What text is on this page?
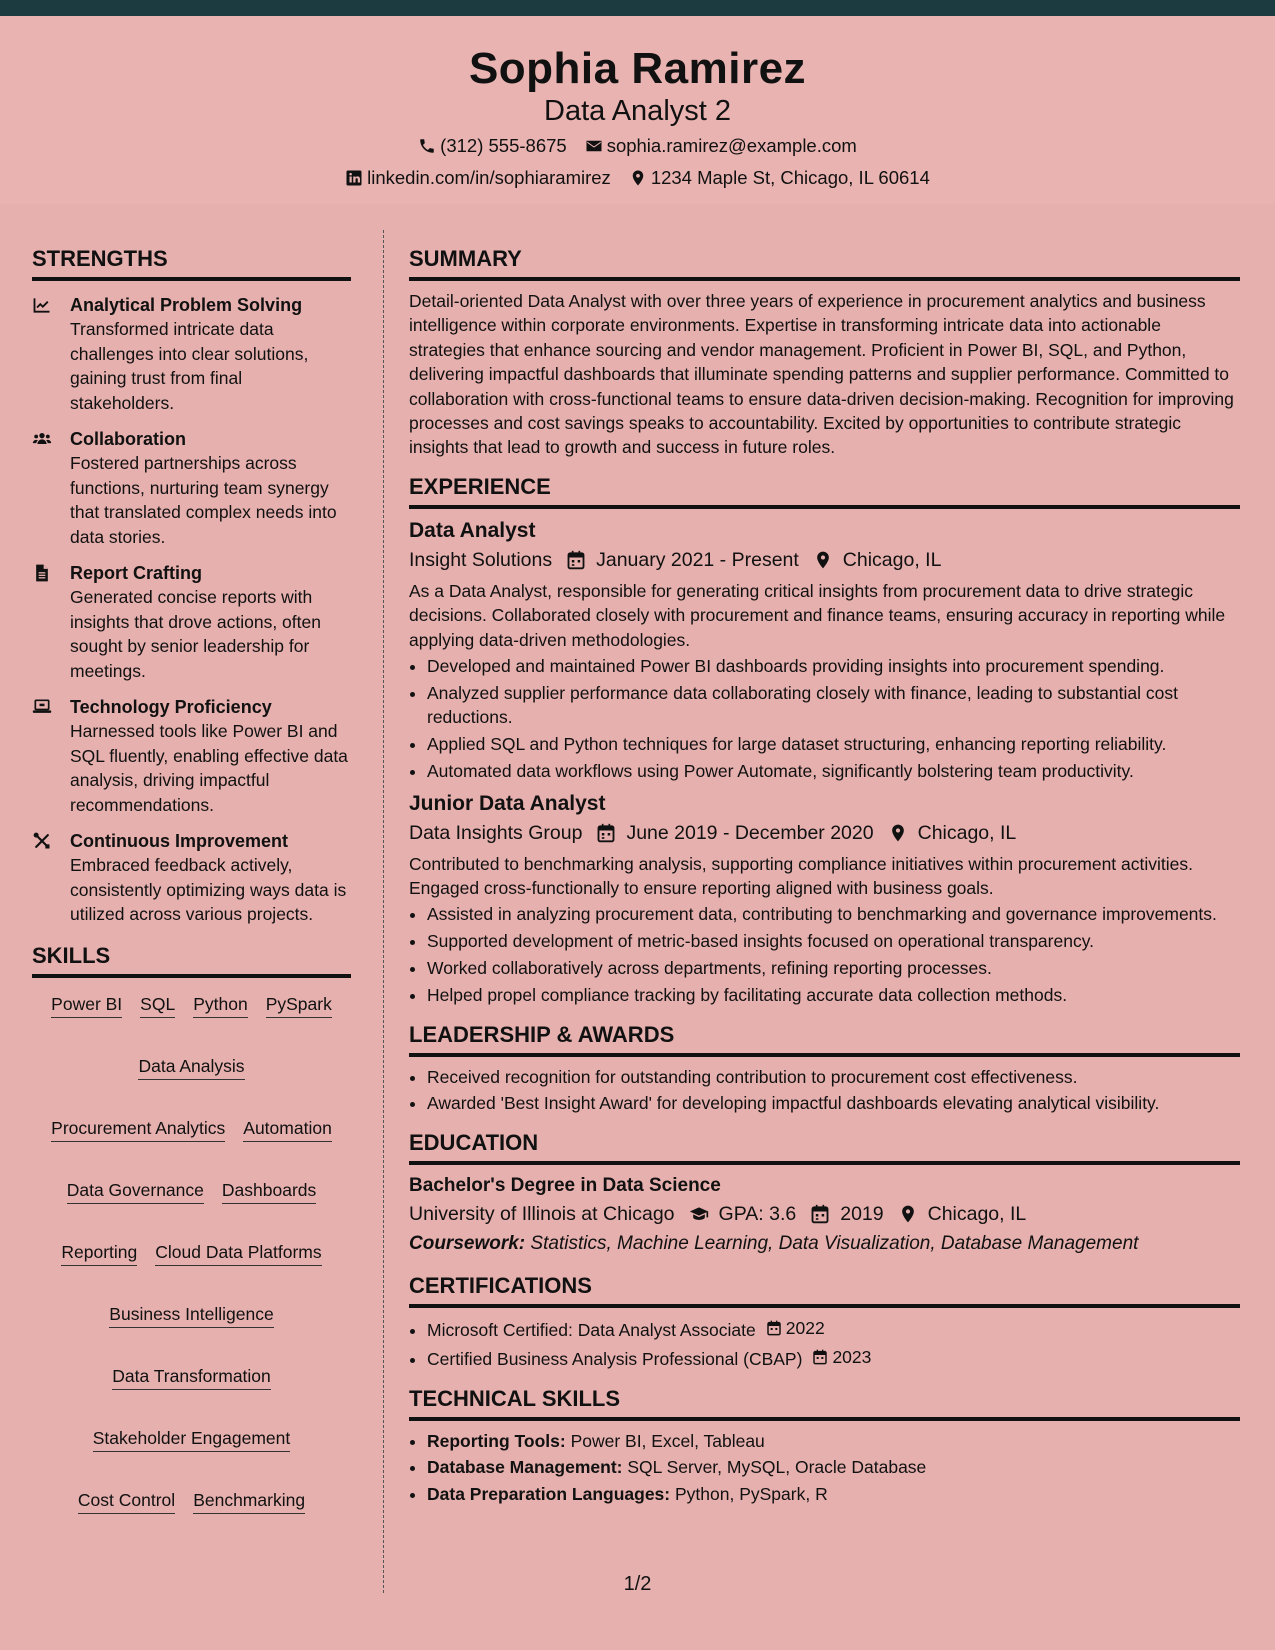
Sophia Ramirez
Data Analyst 2
(312) 555-8675 sophia.ramirez@example.com
linkedin.com/in/sophiaramirez 1234 Maple St, Chicago, IL 60614
STRENGTHS
Analytical Problem Solving
Transformed intricate data challenges into clear solutions, gaining trust from final stakeholders.
Collaboration
Fostered partnerships across functions, nurturing team synergy that translated complex needs into data stories.
Report Crafting
Generated concise reports with insights that drove actions, often sought by senior leadership for meetings.
Technology Proficiency
Harnessed tools like Power BI and SQL fluently, enabling effective data analysis, driving impactful recommendations.
Continuous Improvement
Embraced feedback actively, consistently optimizing ways data is utilized across various projects.
SKILLS
Power BI SQL Python PySpark
Data Analysis
Procurement Analytics Automation
Data Governance Dashboards
Reporting Cloud Data Platforms
Business Intelligence
Data Transformation
Stakeholder Engagement
Cost Control Benchmarking
SUMMARY
Detail-oriented Data Analyst with over three years of experience in procurement analytics and business intelligence within corporate environments. Expertise in transforming intricate data into actionable strategies that enhance sourcing and vendor management. Proficient in Power BI, SQL, and Python, delivering impactful dashboards that illuminate spending patterns and supplier performance. Committed to collaboration with cross-functional teams to ensure data-driven decision-making. Recognition for improving processes and cost savings speaks to accountability. Excited by opportunities to contribute strategic insights that lead to growth and success in future roles.
EXPERIENCE
Data Analyst
Insight Solutions January 2021 - Present Chicago, IL
As a Data Analyst, responsible for generating critical insights from procurement data to drive strategic decisions. Collaborated closely with procurement and finance teams, ensuring accuracy in reporting while applying data-driven methodologies.
• Developed and maintained Power BI dashboards providing insights into procurement spending.
• Analyzed supplier performance data collaborating closely with finance, leading to substantial cost reductions.
• Applied SQL and Python techniques for large dataset structuring, enhancing reporting reliability.
• Automated data workflows using Power Automate, significantly bolstering team productivity.
Junior Data Analyst
Data Insights Group June 2019 - December 2020 Chicago, IL
Contributed to benchmarking analysis, supporting compliance initiatives within procurement activities. Engaged cross-functionally to ensure reporting aligned with business goals.
• Assisted in analyzing procurement data, contributing to benchmarking and governance improvements.
• Supported development of metric-based insights focused on operational transparency.
• Worked collaboratively across departments, refining reporting processes.
• Helped propel compliance tracking by facilitating accurate data collection methods.
LEADERSHIP & AWARDS
• Received recognition for outstanding contribution to procurement cost effectiveness.
• Awarded 'Best Insight Award' for developing impactful dashboards elevating analytical visibility.
EDUCATION
Bachelor's Degree in Data Science
University of Illinois at Chicago GPA: 3.6 2019 Chicago, IL
Coursework: Statistics, Machine Learning, Data Visualization, Database Management
CERTIFICATIONS
• Microsoft Certified: Data Analyst Associate 2022
• Certified Business Analysis Professional (CBAP) 2023
TECHNICAL SKILLS
• Reporting Tools: Power BI, Excel, Tableau
• Database Management: SQL Server, MySQL, Oracle Database
• Data Preparation Languages: Python, PySpark, R
1/2
